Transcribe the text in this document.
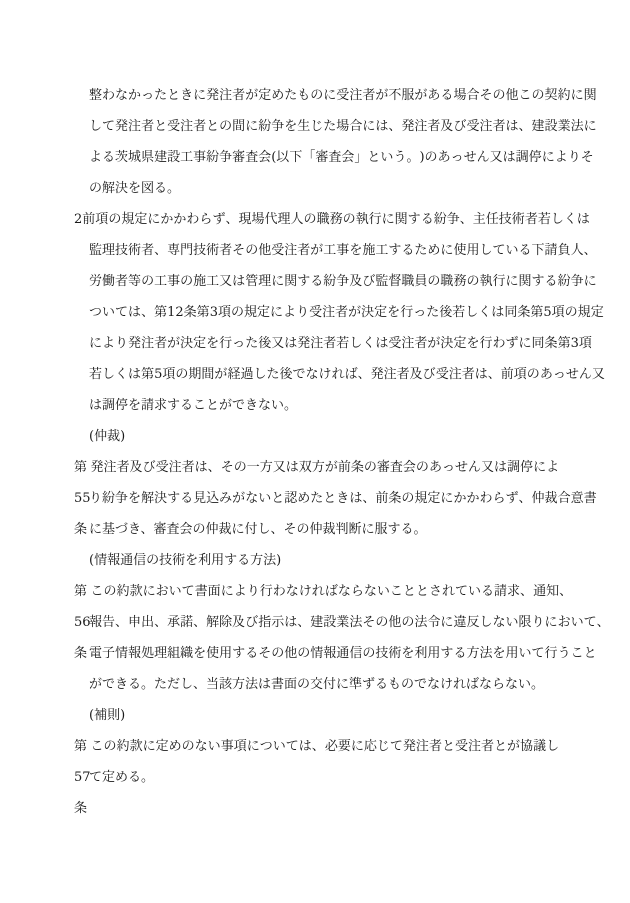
整 わ な か っ た と き に 発 注 者 が 定 め た も の に 受 注 者 が 不 服 が あ る 場 合 そ の 他 こ の 契 約 に 関
し て 発 注 者 と 受 注 者 と の 間 に 紛 争 を 生 じ た 場 合 に は 、 発 注 者 及 び 受 注 者 は 、 建 設 業 法 に
よ る 茨 城 県 建 設 工 事 紛 争 審 査 会 ( 以 下 「 審 査 会 」 と い う 。 ) の あ っ せ ん 又 は 調 停 に よ り そ
の解決を図る。
2 前 項 の 規 定 に か か わ ら ず 、 現 場 代 理 人 の 職 務 の 執 行 に 関 す る 紛 争 、 主 任 技 術 者 若 し く は
監 理 技 術 者 、 専 門 技 術 者 そ の 他 受 注 者 が 工 事 を 施 工 す る た め に 使 用 し て い る 下 請 負 人 、
労 働 者 等 の 工 事 の 施 工 又 は 管 理 に 関 す る 紛 争 及 び 監 督 職 員 の 職 務 の 執 行 に 関 す る 紛 争 に
つ い て は 、 第 1 2 条 第 3 項 の 規 定 に よ り 受 注 者 が 決 定 を 行 っ た 後 若 し く は 同 条 第 5 項 の 規 定
に よ り 発 注 者 が 決 定 を 行 っ た 後 又 は 発 注 者 若 し く は 受 注 者 が 決 定 を 行 わ ず に 同 条 第 3 項
若 し く は 第 5 項 の 期 間 が 経 過 し た 後 で な け れ ば 、 発 注 者 及 び 受 注 者 は 、 前 項 の あ っ せ ん 又
は調停を請求することができない。
(仲裁)
第55条
発 注 者 及 び 受 注 者 は 、 そ の 一 方 又 は 双 方 が 前 条 の 審 査 会 の あ っ せ ん 又 は 調 停 に よ
り 紛 争 を 解 決 す る 見 込 み が な い と 認 め た と き は 、 前 条 の 規 定 に か か わ ら ず 、 仲 裁 合 意 書
に基づき、審査会の仲裁に付し、その仲裁判断に服する。
(情報通信の技術を利用する方法)
第56条
こ の 約 款 に お い て 書 面 に よ り 行 わ な け れ ば な ら な い こ と と さ れ て い る 請 求 、 通 知 、
報 告 、 申 出 、 承 諾 、 解 除 及 び 指 示 は 、 建 設 業 法 そ の 他 の 法 令 に 違 反 し な い 限 り に お い て 、
電 子 情 報 処 理 組 織 を 使 用 す る そ の 他 の 情 報 通 信 の 技 術 を 利 用 す る 方 法 を 用 い て 行 う こ と
ができる。ただし、当該方法は書面の交付に準ずるものでなければならない。
(補則)
第57条
こ の 約 款 に 定 め の な い 事 項 に つ い て は 、 必 要 に 応 じ て 発 注 者 と 受 注 者 と が 協 議 し
て定める。
